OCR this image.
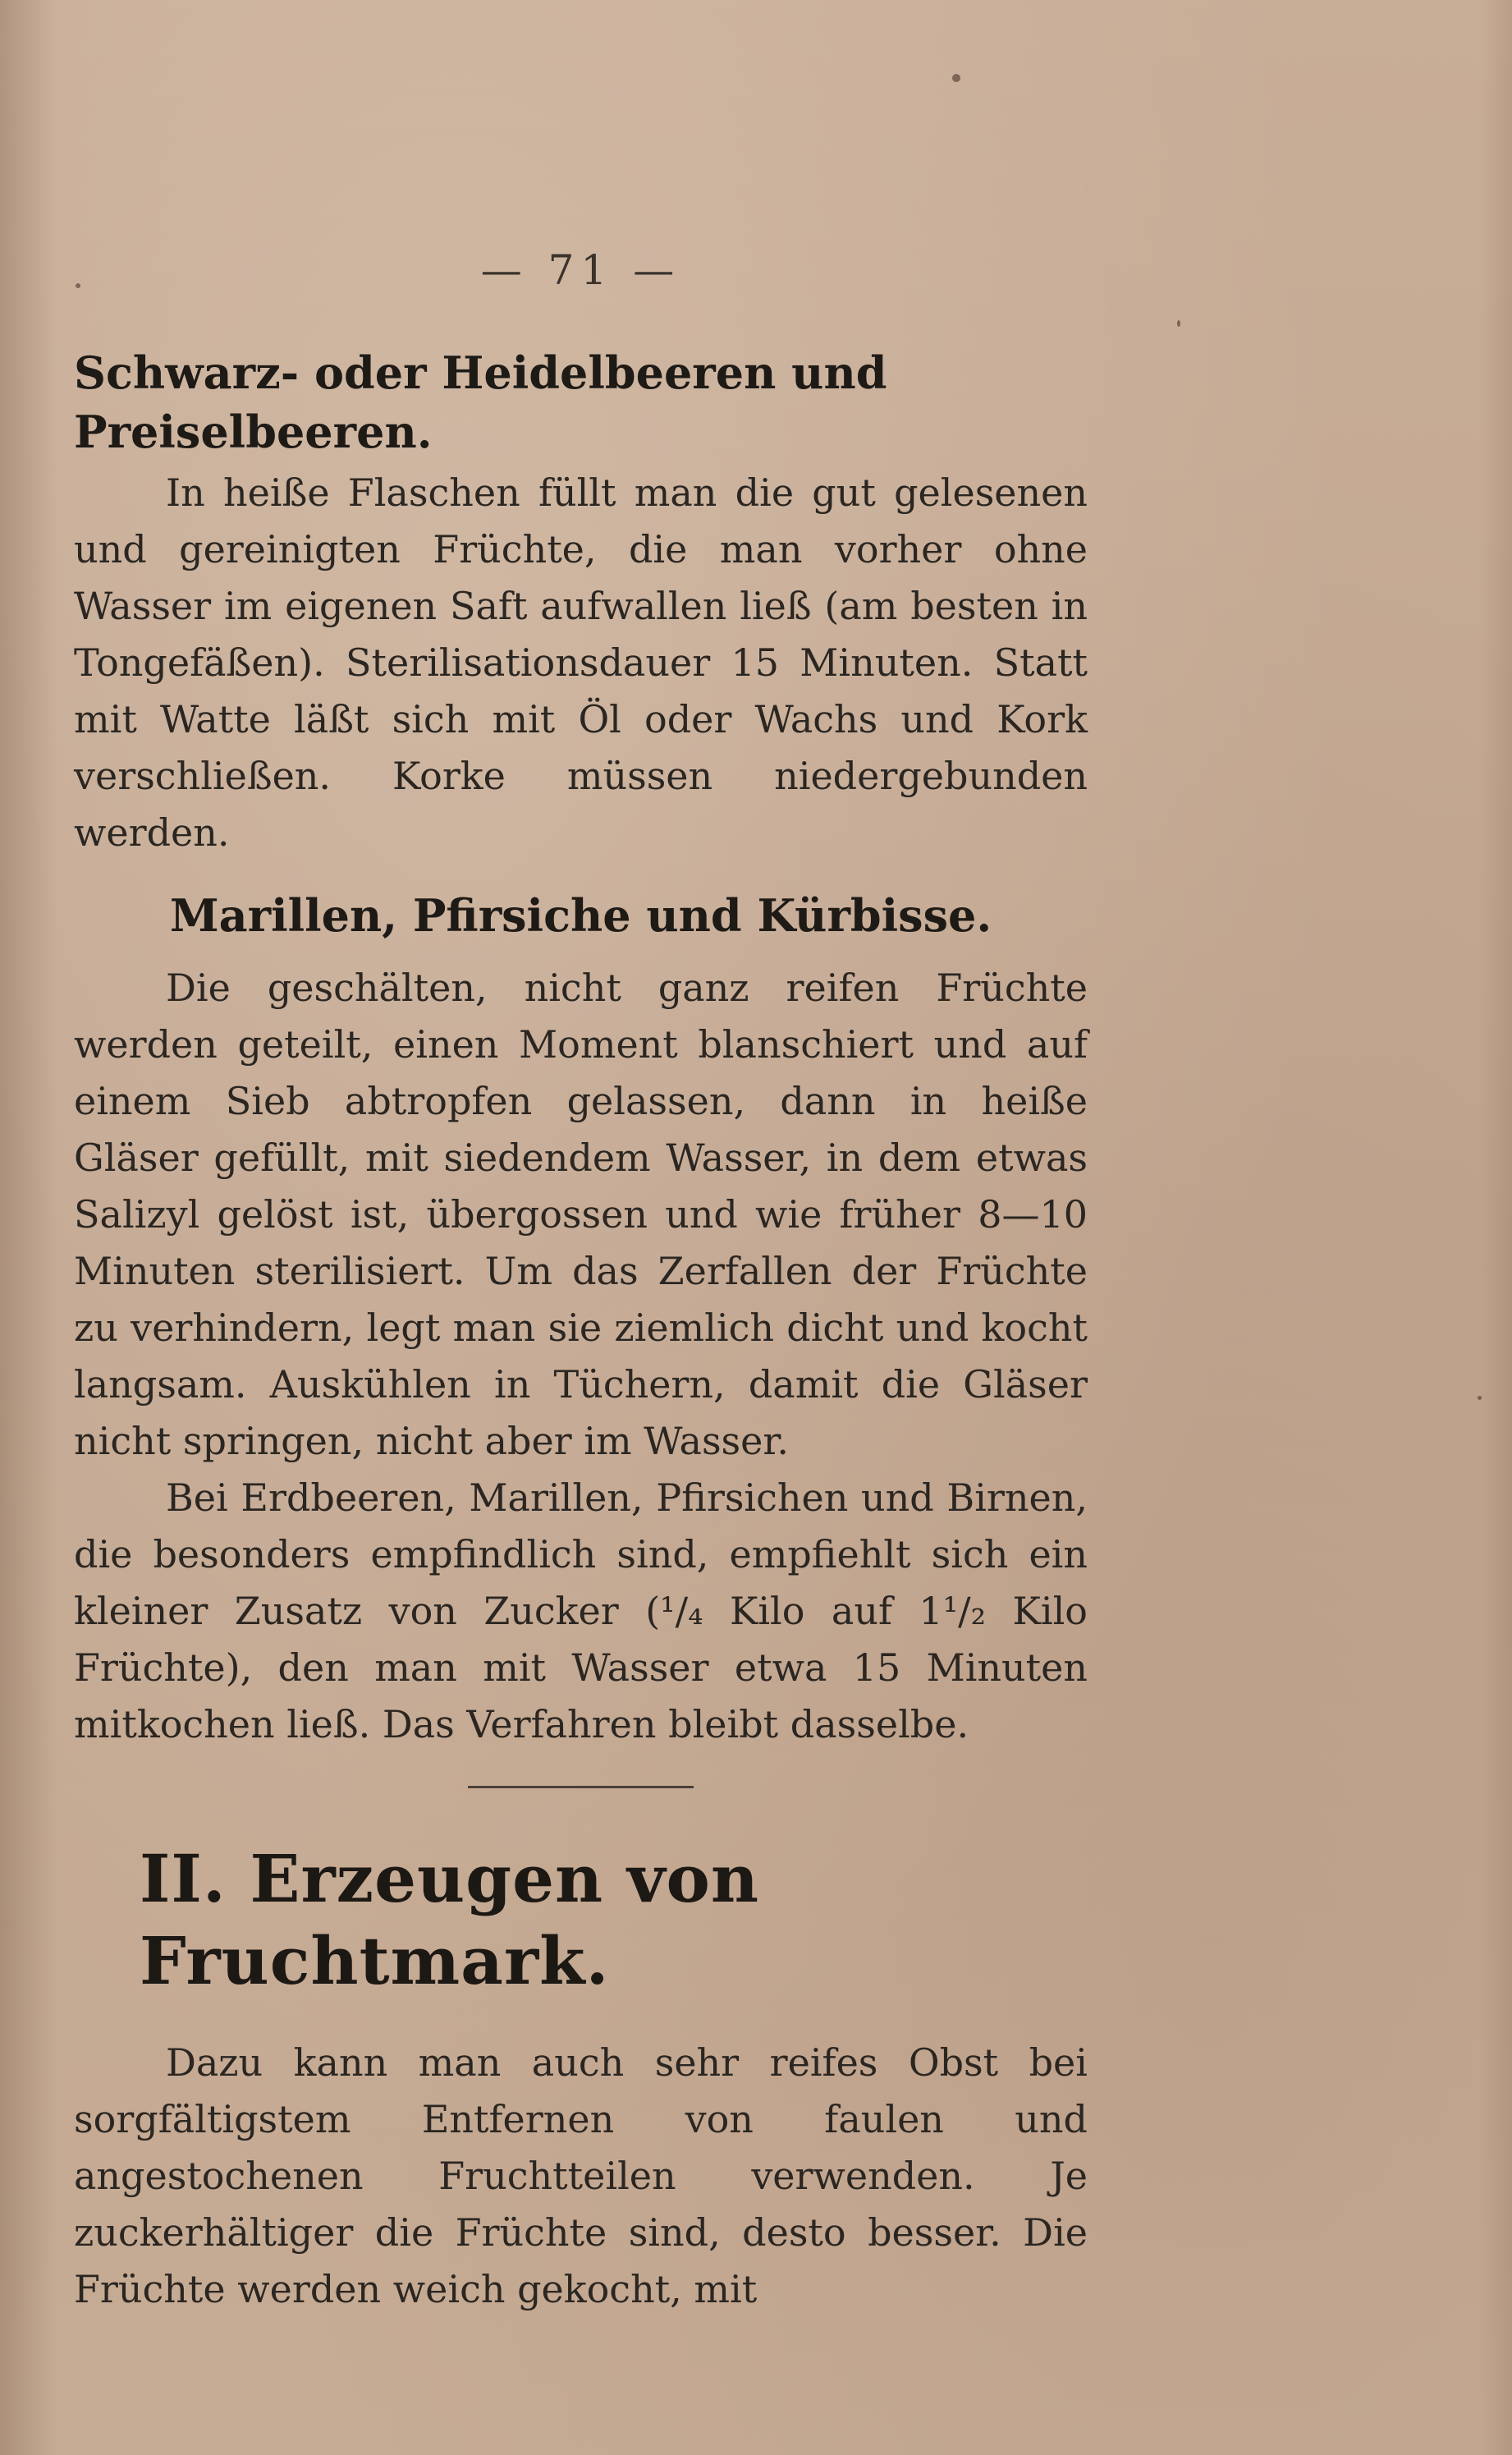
— 71 —
Schwarz- oder Heidelbeeren und Preiselbeeren.

In heiße Flaschen füllt man die gut gelesenen und gereinigten Früchte, die man vorher ohne Wasser im eigenen Saft aufwallen ließ (am besten in Tongefäßen). Sterilisationsdauer 15 Minuten. Statt mit Watte läßt sich mit Öl oder Wachs und Kork verschließen. Korke müssen niedergebunden werden.

Marillen, Pfirsiche und Kürbisse.

Die geschälten, nicht ganz reifen Früchte werden geteilt, einen Moment blanschiert und auf einem Sieb abtropfen gelassen, dann in heiße Gläser gefüllt, mit siedendem Wasser, in dem etwas Salizyl gelöst ist, übergossen und wie früher 8—10 Minuten sterilisiert. Um das Zerfallen der Früchte zu verhindern, legt man sie ziemlich dicht und kocht langsam. Auskühlen in Tüchern, damit die Gläser nicht springen, nicht aber im Wasser.

Bei Erdbeeren, Marillen, Pfirsichen und Birnen, die besonders empfindlich sind, empfiehlt sich ein kleiner Zusatz von Zucker (¹/₄ Kilo auf 1¹/₂ Kilo Früchte), den man mit Wasser etwa 15 Minuten mitkochen ließ. Das Verfahren bleibt dasselbe.

II. Erzeugen von Fruchtmark.

Dazu kann man auch sehr reifes Obst bei sorgfältigstem Entfernen von faulen und angestochenen Fruchtteilen verwenden. Je zuckerhältiger die Früchte sind, desto besser. Die Früchte werden weich gekocht, mit
